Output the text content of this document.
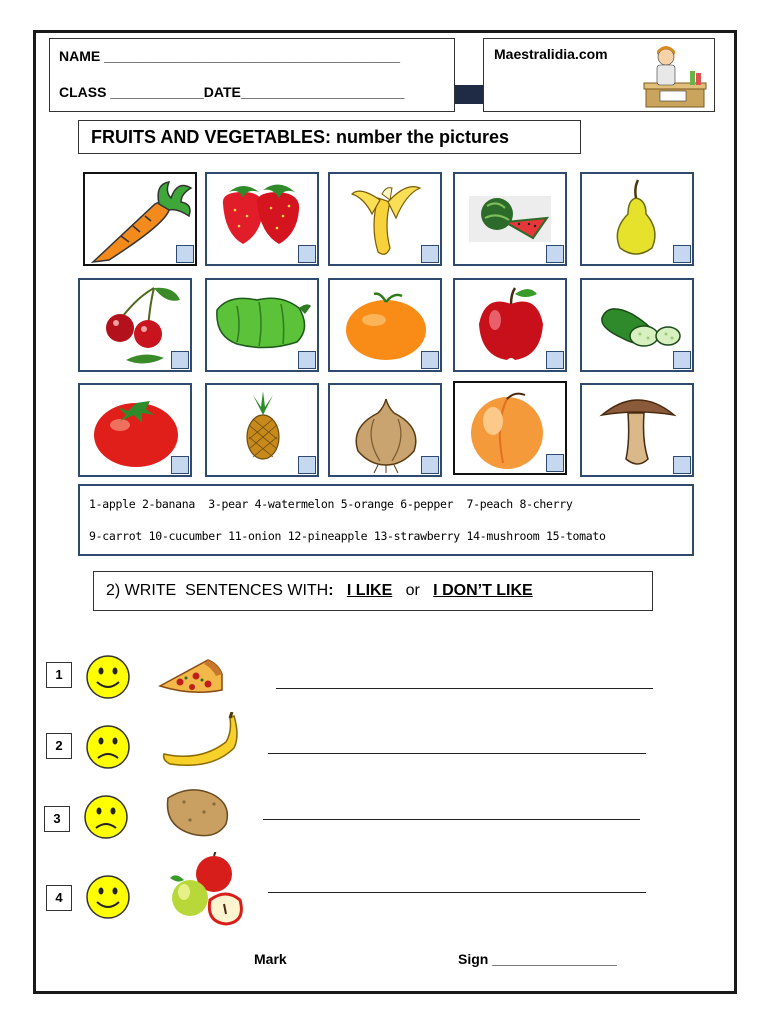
NAME ______________________________________
CLASS ____________DATE_____________________
Maestralidia.com
FRUITS AND VEGETABLES: number the pictures
1-apple 2-banana  3-pear 4-watermelon 5-orange 6-pepper  7-peach 8-cherry
9-carrot 10-cucumber 11-onion 12-pineapple 13-strawberry 14-mushroom 15-tomato
2) WRITE  SENTENCES WITH: I LIKE or I DON’T LIKE
1
2
3
4
Mark	Sign ________________
